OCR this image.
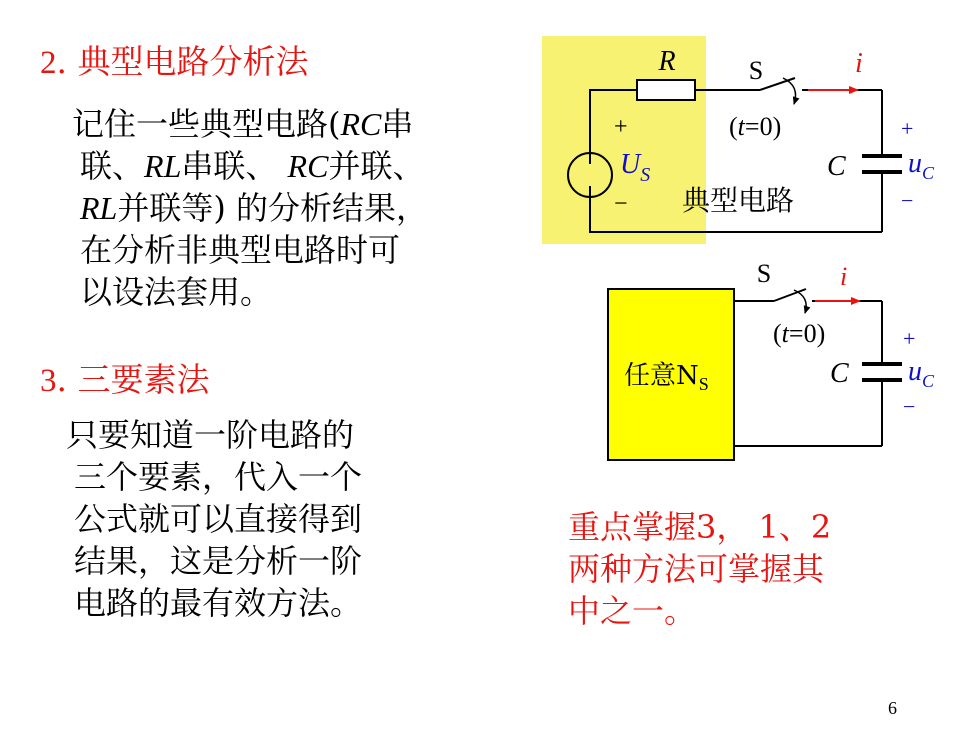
2. 典型电路分析法
记住一些典型电路(RC串
联、RL串联、 RC并联、
RL并联等) 的分析结果，
在分析非典型电路时可
以设法套用。
3. 三要素法
只要知道一阶电路的
三个要素，代入一个
公式就可以直接得到
结果，这是分析一阶
电路的最有效方法。
R	S	i
(t=0)
+
$U_S$
− 典型电路
C
+
$u_C$
−
S	i
(t=0)
任意$N_S$	C
+
$u_C$
−
重点掌握3， 1、2
两种方法可掌握其
中之一。
6
